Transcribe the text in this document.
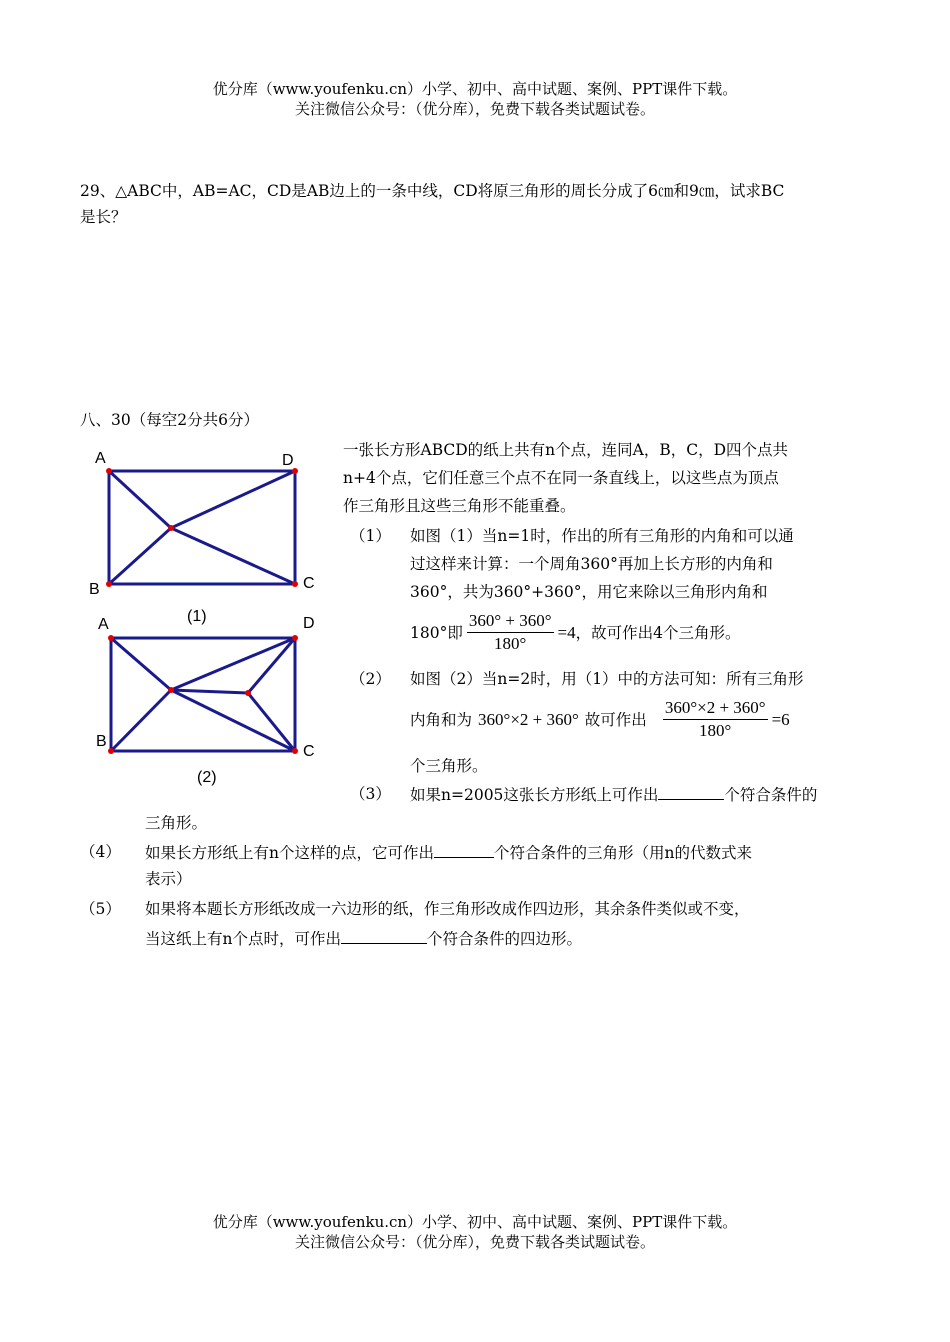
优分库（www.youfenku.cn）小学、初中、高中试题、案例、PPT课件下载。
关注微信公众号：（优分库），免费下载各类试题试卷。
29、△ABC中，AB=AC，CD是AB边上的一条中线，CD将原三角形的周长分成了6㎝和9㎝，试求BC
是长？
八、30（每空2分共6分）
一张长方形ABCD的纸上共有n个点，连同A，B，C，D四个点共
n+4个点，它们任意三个点不在同一条直线上，以这些点为顶点
作三角形且这些三角形不能重叠。
（1） 如图（1）当n=1时，作出的所有三角形的内角和可以通
过这样来计算：一个周角360°再加上长方形的内角和
360°，共为360°+360°，用它来除以三角形内角和
180°即 $\frac{360^\circ + 360^\circ}{180^\circ} =4$ ，故可作出4个三角形。
（2） 如图（2）当n=2时，用（1）中的方法可知：所有三角形
内角和为 360°×2 + 360° 故可作出 $\frac{360^\circ\times 2 + 360^\circ}{180^\circ} =6$
个三角形。
（3） 如果n=2005这张长方形纸上可作出	个符合条件的
三角形。
（4） 如果长方形纸上有n个这样的点，它可作出	个符合条件的三角形（用n的代数式来
表示）
（5） 如果将本题长方形纸改成一六边形的纸，作三角形改成作四边形，其余条件类似或不变，
当这纸上有n个点时，可作出	个符合条件的四边形。
A	D
B	C
(1)
A	D
B
C
(2)
优分库（www.youfenku.cn）小学、初中、高中试题、案例、PPT课件下载。
关注微信公众号：（优分库），免费下载各类试题试卷。
